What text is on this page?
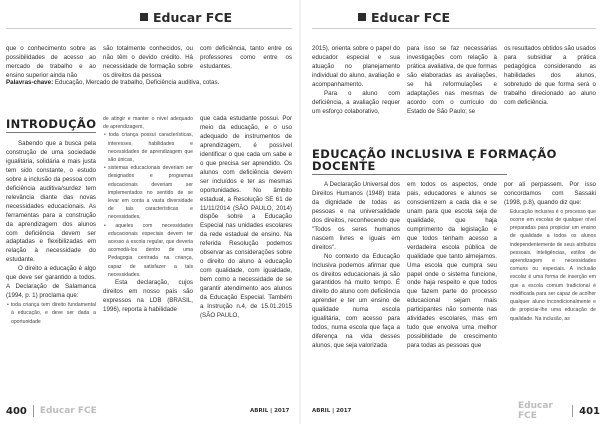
Educar FCE

que o conhecimento sobre as possibilidades de acesso ao mercado de trabalho e ao ensino superior ainda não

são totalmente conhecidos, ou não têm o devido crédito. Há necessidade de formação sobre os direitos da pessoa

com deficiência, tanto entre os professores como entre os estudantes.

Palavras-chave: Educação, Mercado de trabalho, Deficiência auditiva, cotas.
INTRODUÇÃO

Sabendo que a busca pela construção de uma sociedade igualitária, solidária e mais justa tem sido constante, o estudo sobre a inclusão da pessoa com deficiência auditiva/surdez tem relevância diante das novas necessidades educacionais. As ferramentas para a construção da aprendizagem dos alunos com deficiência devem ser adaptadas e flexibilizadas em relação à necessidade do estudante.

O direito a educação é algo que deve ser garantido a todos. A Declaração de Salamanca (1994, p. 1) proclama que:

• toda criança tem direito fundamental à educação, e deve ser dada a oportunidade

de atingir e manter o nível adequado de aprendizagem,

• toda criança possui características, interesses, habilidades e necessidades de aprendizagem que são únicas,

• sistemas educacionais deveriam ser designados e programas educacionais deveriam ser implementados no sentido de se levar em conta a vasta diversidade de tais características e necessidades,

• aqueles com necessidades educacionais especiais devem ter acesso à escola regular, que deveria acomodá-los dentro de uma Pedagogia centrada na criança, capaz de satisfazer a tais necessidades.

Esta declaração, cujos direitos em nosso país são expressos na LDB (BRASIL, 1996), reporta à habilidade

que cada estudante possui. Por meio da educação, e o uso adequado de instrumentos de aprendizagem, é possível identificar o que cada um sabe e o que precisa ser aprendido. Os alunos com deficiência devem ser incluídos e ter as mesmas oportunidades. No âmbito estadual, a Resolução SE 61 de 11/11/2014 (SÃO PAULO, 2014) dispõe sobre a Educação Especial nas unidades escolares da rede estadual de ensino. Na referida Resolução podemos observar as considerações sobre o direito do aluno à educação com qualidade, com igualdade, bem como a necessidade de se garantir atendimento aos alunos da Educação Especial. Também a Instrução n.4, de 15.01.2015 (SÃO PAULO,

400 Educar FCE	ABRIL | 2017
Educar FCE

2015), orienta sobre o papel do educador especial e sua atuação no planejamento individual do aluno, avaliação e acompanhamento.

Para o aluno com deficiência, a avaliação requer um esforço colaborativo,

para isso se faz necessárias investigações com relação à prática avaliativa, de que formas são elaboradas as avaliações, se há reformulações e adaptações nas mesmas de acordo com o currículo do Estado de São Paulo; se

os resultados obtidos são usados para subsidiar a prática pedagógica considerando as habilidades dos alunos, sobretudo de que forma será o trabalho direcionado ao aluno com deficiência.

EDUCAÇÃO INCLUSIVA E FORMAÇÃO
DOCENTE

A Declaração Universal dos Direitos Humanos (1948) trata da dignidade de todas as pessoas e na universalidade dos direitos, reconhecendo que "Todos os seres humanos nascem livres e iguais em direitos".

No contexto da Educação Inclusiva podemos afirmar que os direitos educacionais já são garantidos há muito tempo. É direito do aluno com deficiência aprender e ter um ensino de qualidade numa escola igualitária, com acesso para todos, numa escola que faça a diferença na vida desses alunos, que seja valorizada

em todos os aspectos, onde pais, educadores e alunos se conscientizem a cada dia e se unam para que escola seja de qualidade, que haja cumprimento da legislação e que todos tenham acesso a verdadeira escola pública de qualidade que tanto almejamos. Uma escola que cumpra seu papel onde o sistema funcione, onde haja respeito e que todos que fazem parte do processo educacional sejam mais participantes não somente nas atividades escolares, mas em tudo que envolva uma melhor possibilidade de crescimento para todas as pessoas que

por ali perpassem. Por isso concordamos com Sassaki (1998, p.8), quando diz que:

Educação inclusiva é o processo que ocorre em escolas de qualquer nível preparadas para propiciar um ensino de qualidade a todos os alunos independentemente de seus atributos pessoais, inteligências, estilos de aprendizagem e necessidades comuns ou especiais. A inclusão escolar é uma forma de inserção em que a escola comum tradicional é modificada para ser capaz de acolher qualquer aluno incondicionalmente e de propiciar-lhe uma educação de qualidade. Na inclusão, as

ABRIL | 2017	Educar FCE	401
